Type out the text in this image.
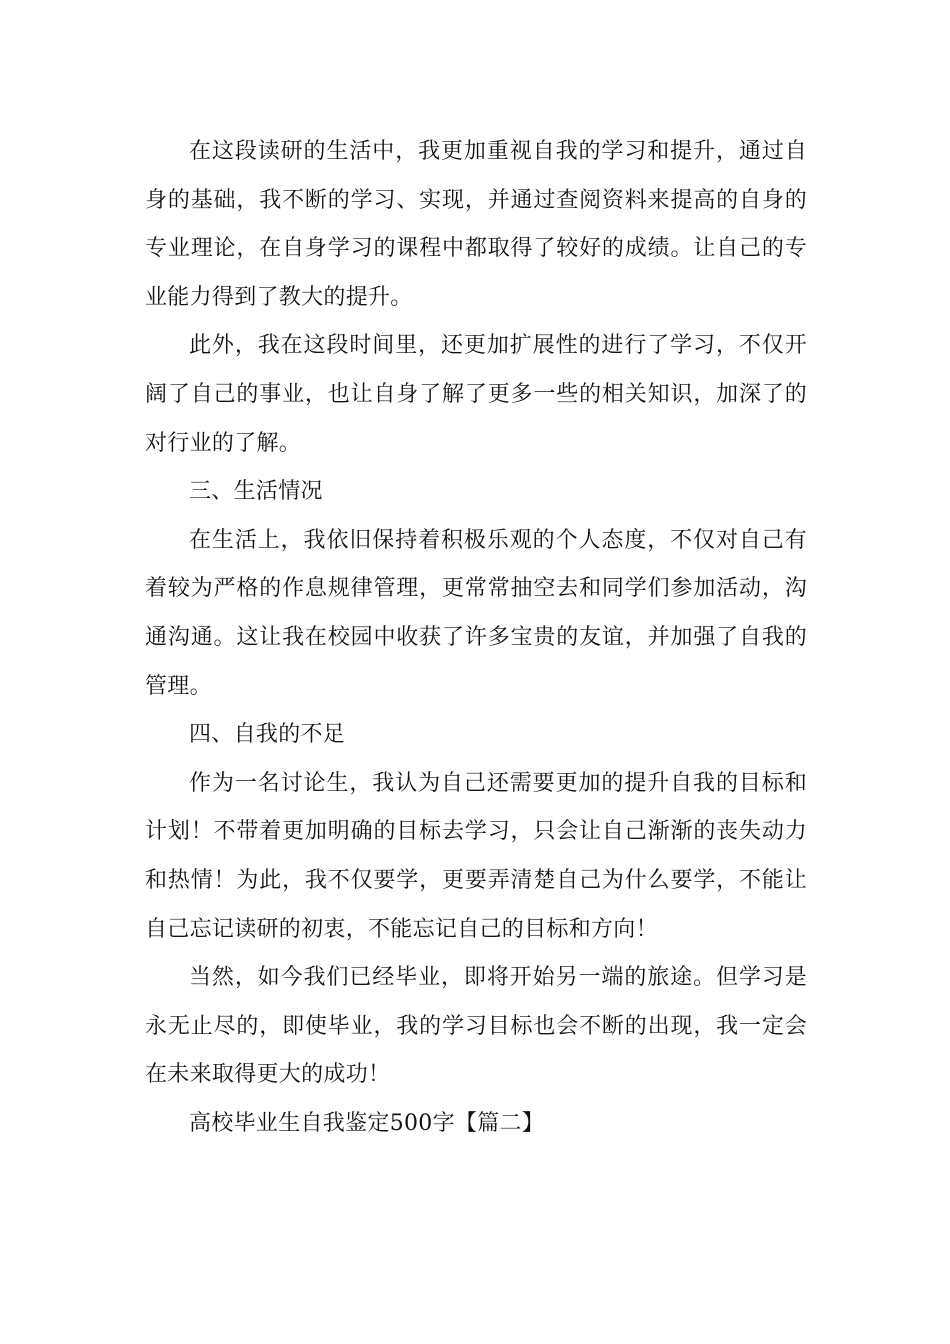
在这段读研的生活中，我更加重视自我的学习和提升，通过自身的基础，我不断的学习、实现，并通过查阅资料来提高的自身的专业理论，在自身学习的课程中都取得了较好的成绩。让自己的专业能力得到了教大的提升。

此外，我在这段时间里，还更加扩展性的进行了学习，不仅开阔了自己的事业，也让自身了解了更多一些的相关知识，加深了的对行业的了解。

三、生活情况

在生活上，我依旧保持着积极乐观的个人态度，不仅对自己有着较为严格的作息规律管理，更常常抽空去和同学们参加活动，沟通沟通。这让我在校园中收获了许多宝贵的友谊，并加强了自我的管理。

四、自我的不足

作为一名讨论生，我认为自己还需要更加的提升自我的目标和计划！不带着更加明确的目标去学习，只会让自己渐渐的丧失动力和热情！为此，我不仅要学，更要弄清楚自己为什么要学，不能让自己忘记读研的初衷，不能忘记自己的目标和方向！

当然，如今我们已经毕业，即将开始另一端的旅途。但学习是永无止尽的，即使毕业，我的学习目标也会不断的出现，我一定会在未来取得更大的成功！

高校毕业生自我鉴定500字【篇二】
